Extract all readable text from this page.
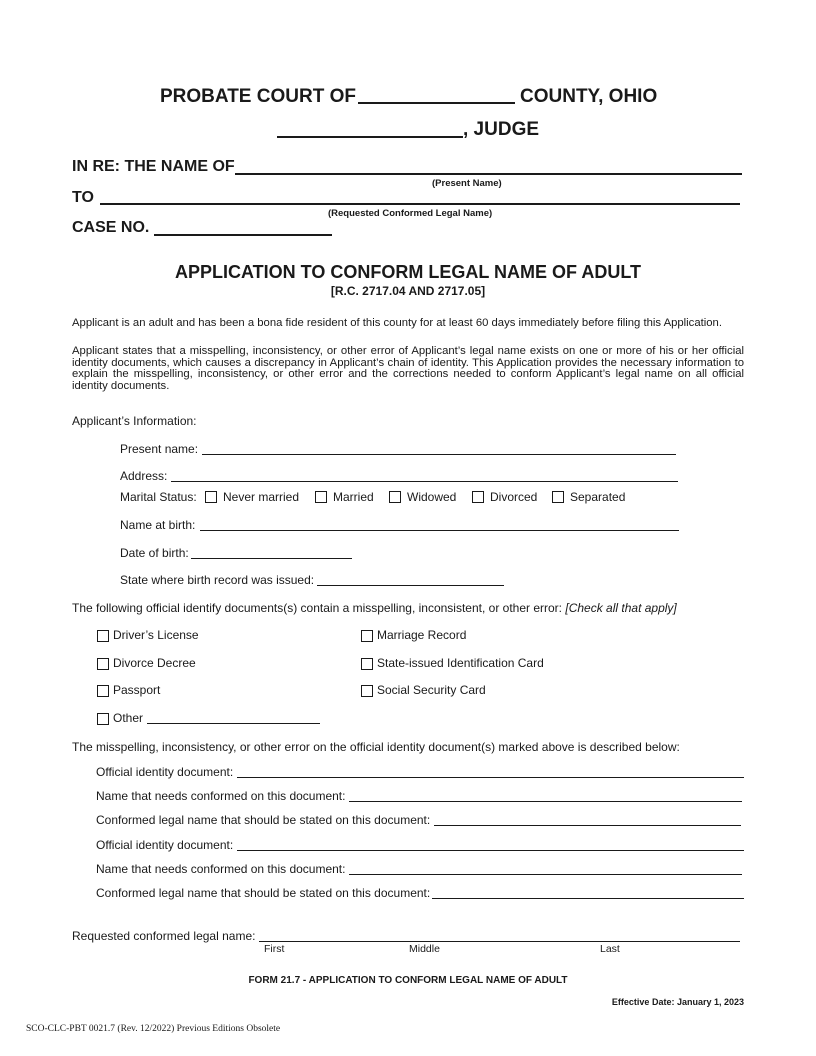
PROBATE COURT OF	COUNTY, OHIO
, JUDGE
IN RE: THE NAME OF
(Present Name)
TO
(Requested Conformed Legal Name)
CASE NO.
APPLICATION TO CONFORM LEGAL NAME OF ADULT
[R.C. 2717.04 AND 2717.05]
Applicant is an adult and has been a bona fide resident of this county for at least 60 days immediately before filing this Application.
Applicant states that a misspelling, inconsistency, or other error of Applicant’s legal name exists on one or more of his or her official identity documents, which causes a discrepancy in Applicant’s chain of identity. This Application provides the necessary information to explain the misspelling, inconsistency, or other error and the corrections needed to conform Applicant’s legal name on all official identity documents.
Applicant’s Information:
Present name:
Address:
Marital Status: Never married	Married	Widowed	Divorced	Separated
Name at birth:
Date of birth:
State where birth record was issued:
The following official identify documents(s) contain a misspelling, inconsistent, or other error: [Check all that apply]
Driver’s License	Marriage Record
Divorce Decree	State-issued Identification Card
Passport	Social Security Card
Other
The misspelling, inconsistency, or other error on the official identity document(s) marked above is described below:
Official identity document:
Name that needs conformed on this document:
Conformed legal name that should be stated on this document:
Official identity document:
Name that needs conformed on this document:
Conformed legal name that should be stated on this document:
Requested conformed legal name:
First	Middle	Last
FORM 21.7 - APPLICATION TO CONFORM LEGAL NAME OF ADULT
Effective Date: January 1, 2023
SCO-CLC-PBT 0021.7 (Rev. 12/2022) Previous Editions Obsolete
